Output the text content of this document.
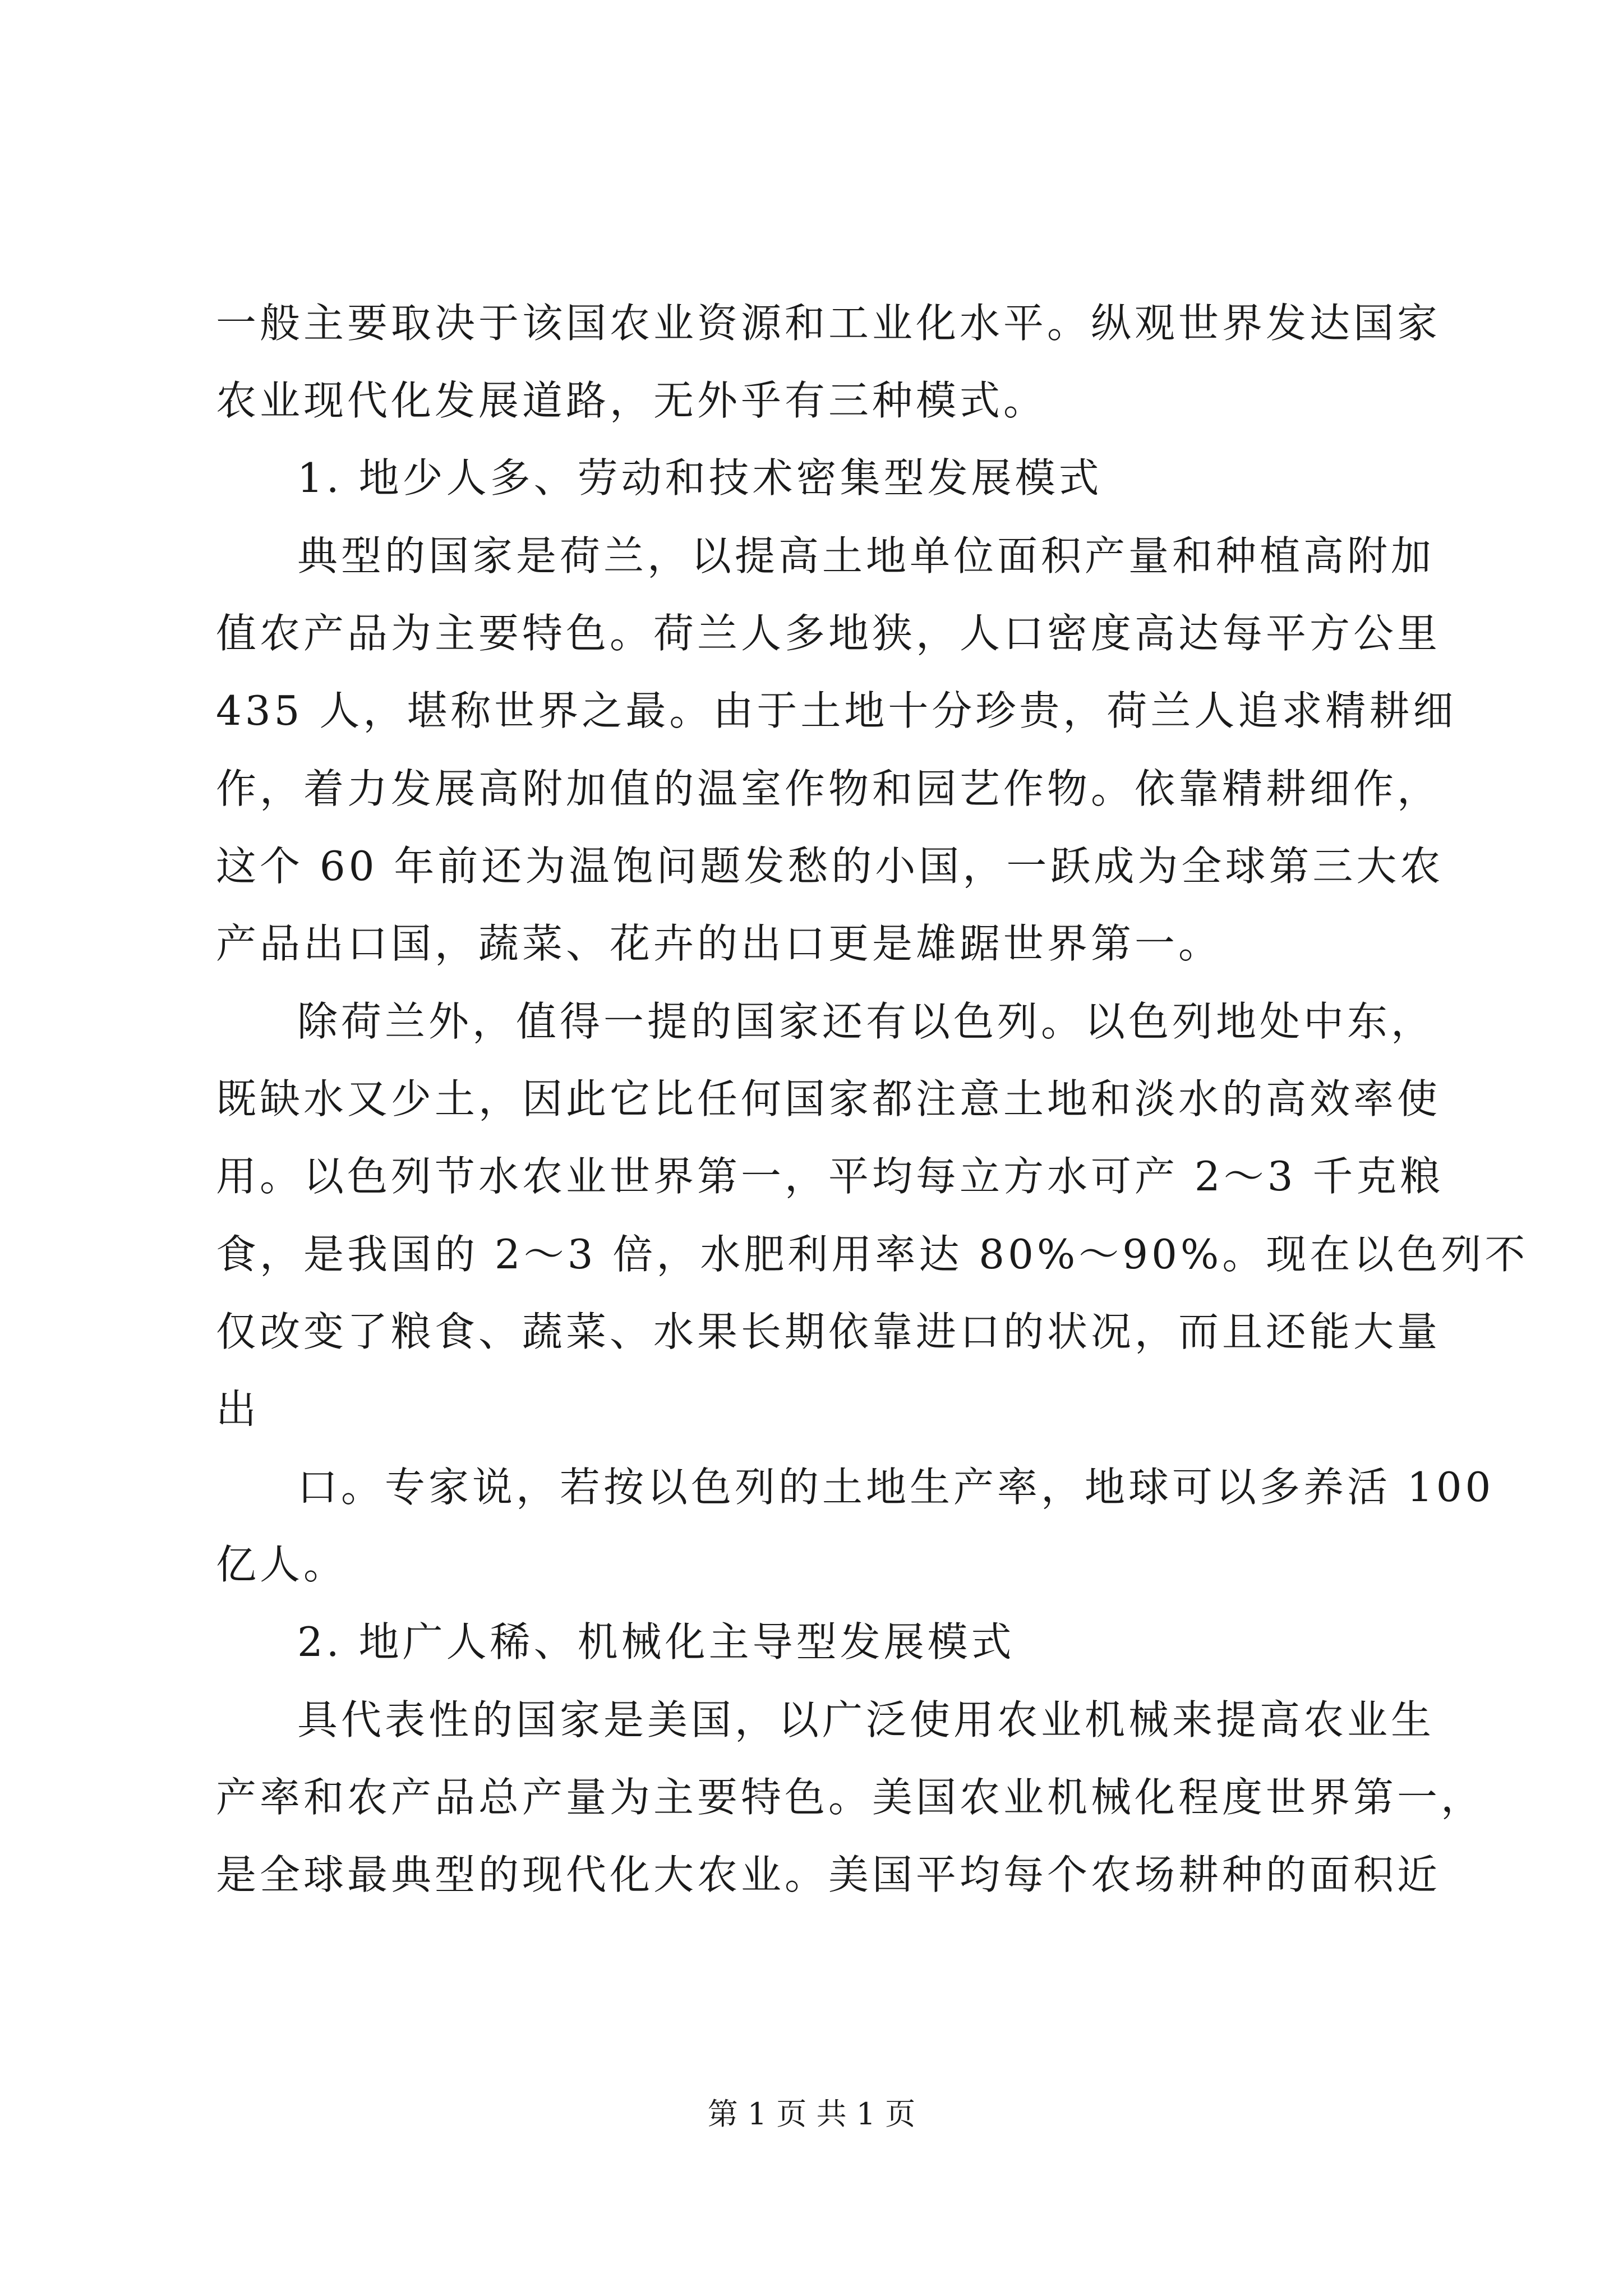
一般主要取决于该国农业资源和工业化水平。纵观世界发达国家
农业现代化发展道路，无外乎有三种模式。
1. 地少人多、劳动和技术密集型发展模式
典型的国家是荷兰，以提高土地单位面积产量和种植高附加
值农产品为主要特色。荷兰人多地狭，人口密度高达每平方公里
435 人，堪称世界之最。由于土地十分珍贵，荷兰人追求精耕细
作，着力发展高附加值的温室作物和园艺作物。依靠精耕细作，
这个 60 年前还为温饱问题发愁的小国，一跃成为全球第三大农
产品出口国，蔬菜、花卉的出口更是雄踞世界第一。
除荷兰外，值得一提的国家还有以色列。以色列地处中东，
既缺水又少土，因此它比任何国家都注意土地和淡水的高效率使
用。以色列节水农业世界第一，平均每立方水可产 2～3 千克粮
食，是我国的 2～3 倍，水肥利用率达 80%～90%。现在以色列不
仅改变了粮食、蔬菜、水果长期依靠进口的状况，而且还能大量
出
口。专家说，若按以色列的土地生产率，地球可以多养活 100
亿人。
2. 地广人稀、机械化主导型发展模式
具代表性的国家是美国，以广泛使用农业机械来提高农业生
产率和农产品总产量为主要特色。美国农业机械化程度世界第一，
是全球最典型的现代化大农业。美国平均每个农场耕种的面积近
第 1 页 共 1 页
